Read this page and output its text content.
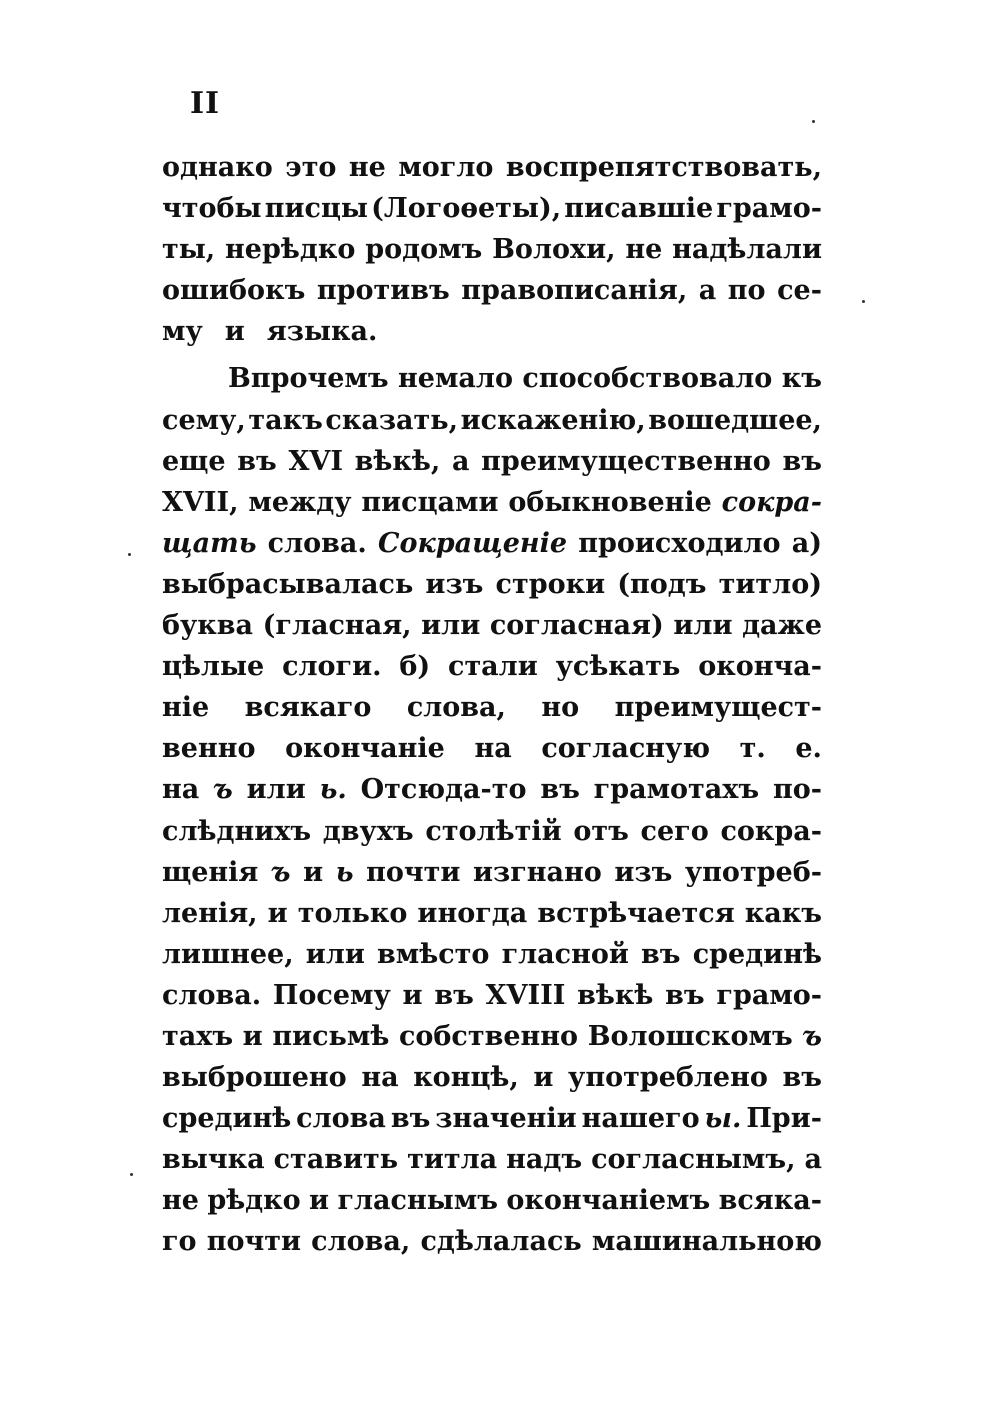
II
однако это не могло воспрепятствовать,
чтобы писцы (Логоѳеты), писавшіе грамо-
ты, нерѣдко родомъ Волохи, не надѣлали
ошибокъ противъ правописанія, а по се-
му и языка.
Впрочемъ немало способствовало къ
сему, такъ сказать, искаженію, вошедшее,
еще въ XVI вѣкѣ, а преимущественно въ
XVII, между писцами обыкновеніе сокра-
щать слова. Сокращеніе происходило а)
выбрасывалась изъ строки (подъ титло)
буква (гласная, или согласная) или даже
цѣлые слоги. б) стали усѣкать оконча-
ніе всякаго слова, но преимущест-
венно окончаніе на согласную т. е.
на ъ или ь. Отсюда-то въ грамотахъ по-
слѣднихъ двухъ столѣтій отъ сего сокра-
щенія ъ и ь почти изгнано изъ употреб-
ленія, и только иногда встрѣчается какъ
лишнее, или вмѣсто гласной въ срединѣ
слова. Посему и въ XVIII вѣкѣ въ грамо-
тахъ и письмѣ собственно Волошскомъ ъ
выброшено на концѣ, и употреблено въ
срединѣ слова въ значеніи нашего ы. При-
вычка ставить титла надъ согласнымъ, а
не рѣдко и гласнымъ окончаніемъ всяка-
го почти слова, сдѣлалась машинальною
